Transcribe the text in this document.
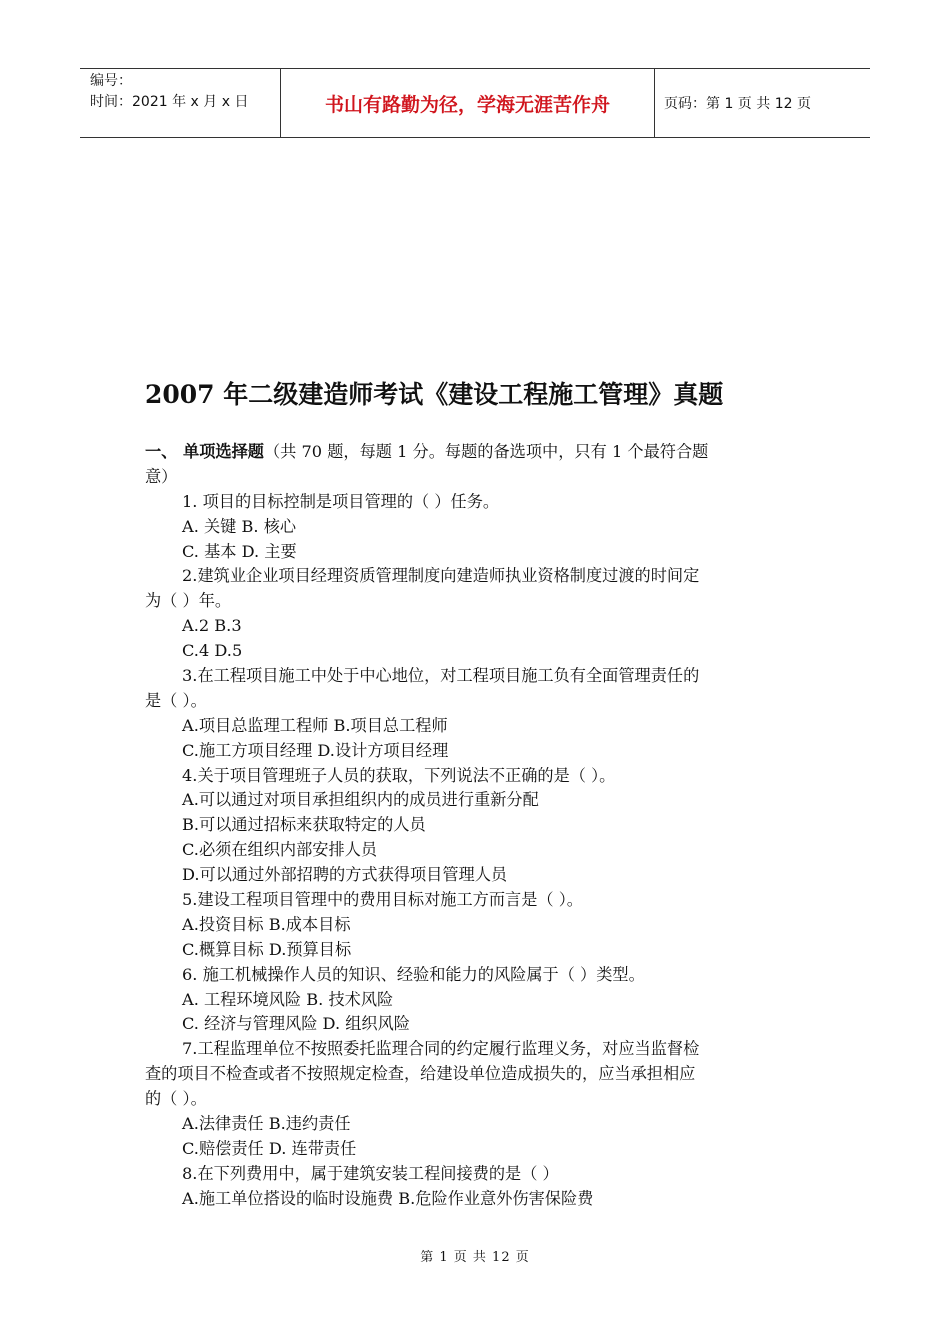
编号：
时间：2021 年 x 月 x 日	书山有路勤为径，学海无涯苦作舟	页码：第 1 页 共 12 页
2007 年二级建造师考试《建设工程施工管理》真题
一、 单项选择题（共 70 题，每题 1 分。每题的备选项中，只有 1 个最符合题
意）
1. 项目的目标控制是项目管理的（ ）任务。
A. 关键 B. 核心
C. 基本 D. 主要
2.建筑业企业项目经理资质管理制度向建造师执业资格制度过渡的时间定
为（ ）年。
A.2 B.3
C.4 D.5
3.在工程项目施工中处于中心地位，对工程项目施工负有全面管理责任的
是（ ）。
A.项目总监理工程师 B.项目总工程师
C.施工方项目经理 D.设计方项目经理
4.关于项目管理班子人员的获取，下列说法不正确的是（ ）。
A.可以通过对项目承担组织内的成员进行重新分配
B.可以通过招标来获取特定的人员
C.必须在组织内部安排人员
D.可以通过外部招聘的方式获得项目管理人员
5.建设工程项目管理中的费用目标对施工方而言是（ ）。
A.投资目标 B.成本目标
C.概算目标 D.预算目标
6. 施工机械操作人员的知识、经验和能力的风险属于（ ）类型。
A. 工程环境风险 B. 技术风险
C. 经济与管理风险 D. 组织风险
7.工程监理单位不按照委托监理合同的约定履行监理义务，对应当监督检
查的项目不检查或者不按照规定检查，给建设单位造成损失的，应当承担相应
的（ ）。
A.法律责任 B.违约责任
C.赔偿责任 D. 连带责任
8.在下列费用中，属于建筑安装工程间接费的是（ ）
A.施工单位搭设的临时设施费 B.危险作业意外伤害保险费
第 1 页 共 12 页
